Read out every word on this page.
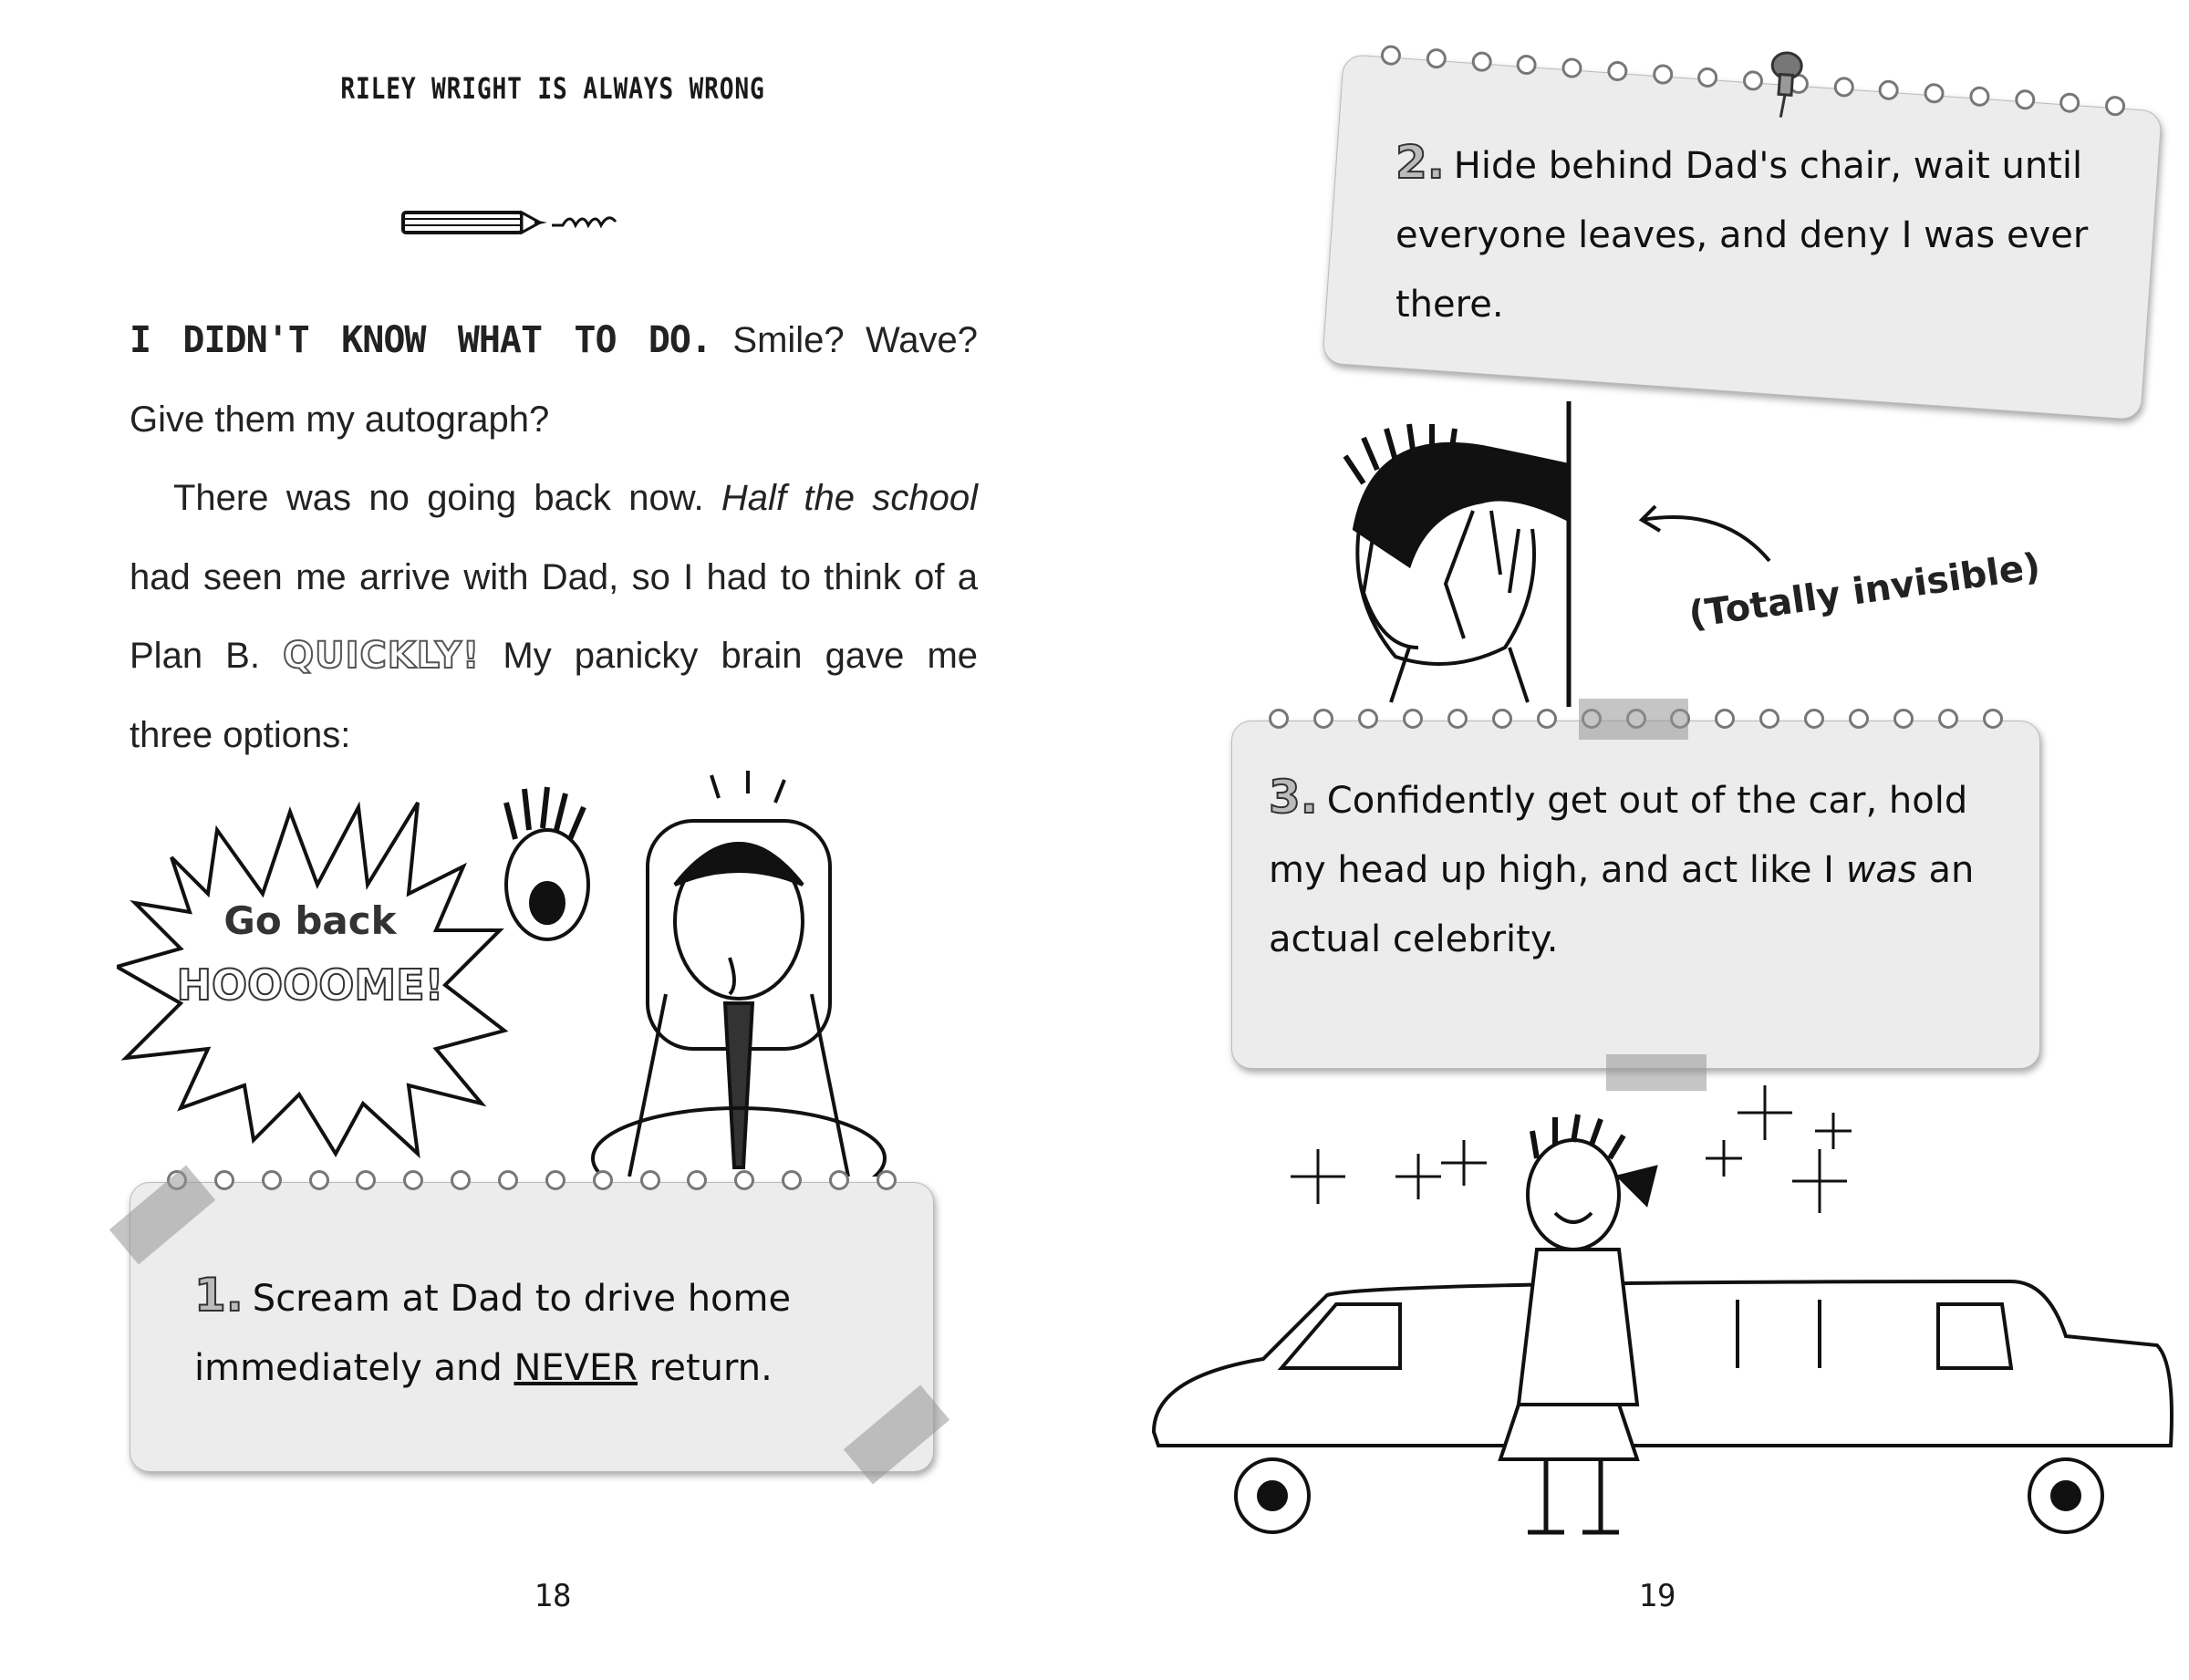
RILEY WRIGHT IS ALWAYS WRONG

I DIDN'T KNOW WHAT TO DO. Smile? Wave? Give them my autograph?

There was no going back now. Half the school had seen me arrive with Dad, so I had to think of a Plan B. QUICKLY! My panicky brain gave me three options:

Go back
HOOOOME!
1. Scream at Dad to drive home immediately and NEVER return.
18
2. Hide behind Dad's chair, wait until everyone leaves, and deny I was ever there.
(Totally invisible)
3. Confidently get out of the car, hold my head up high, and act like I was an actual celebrity.
19
